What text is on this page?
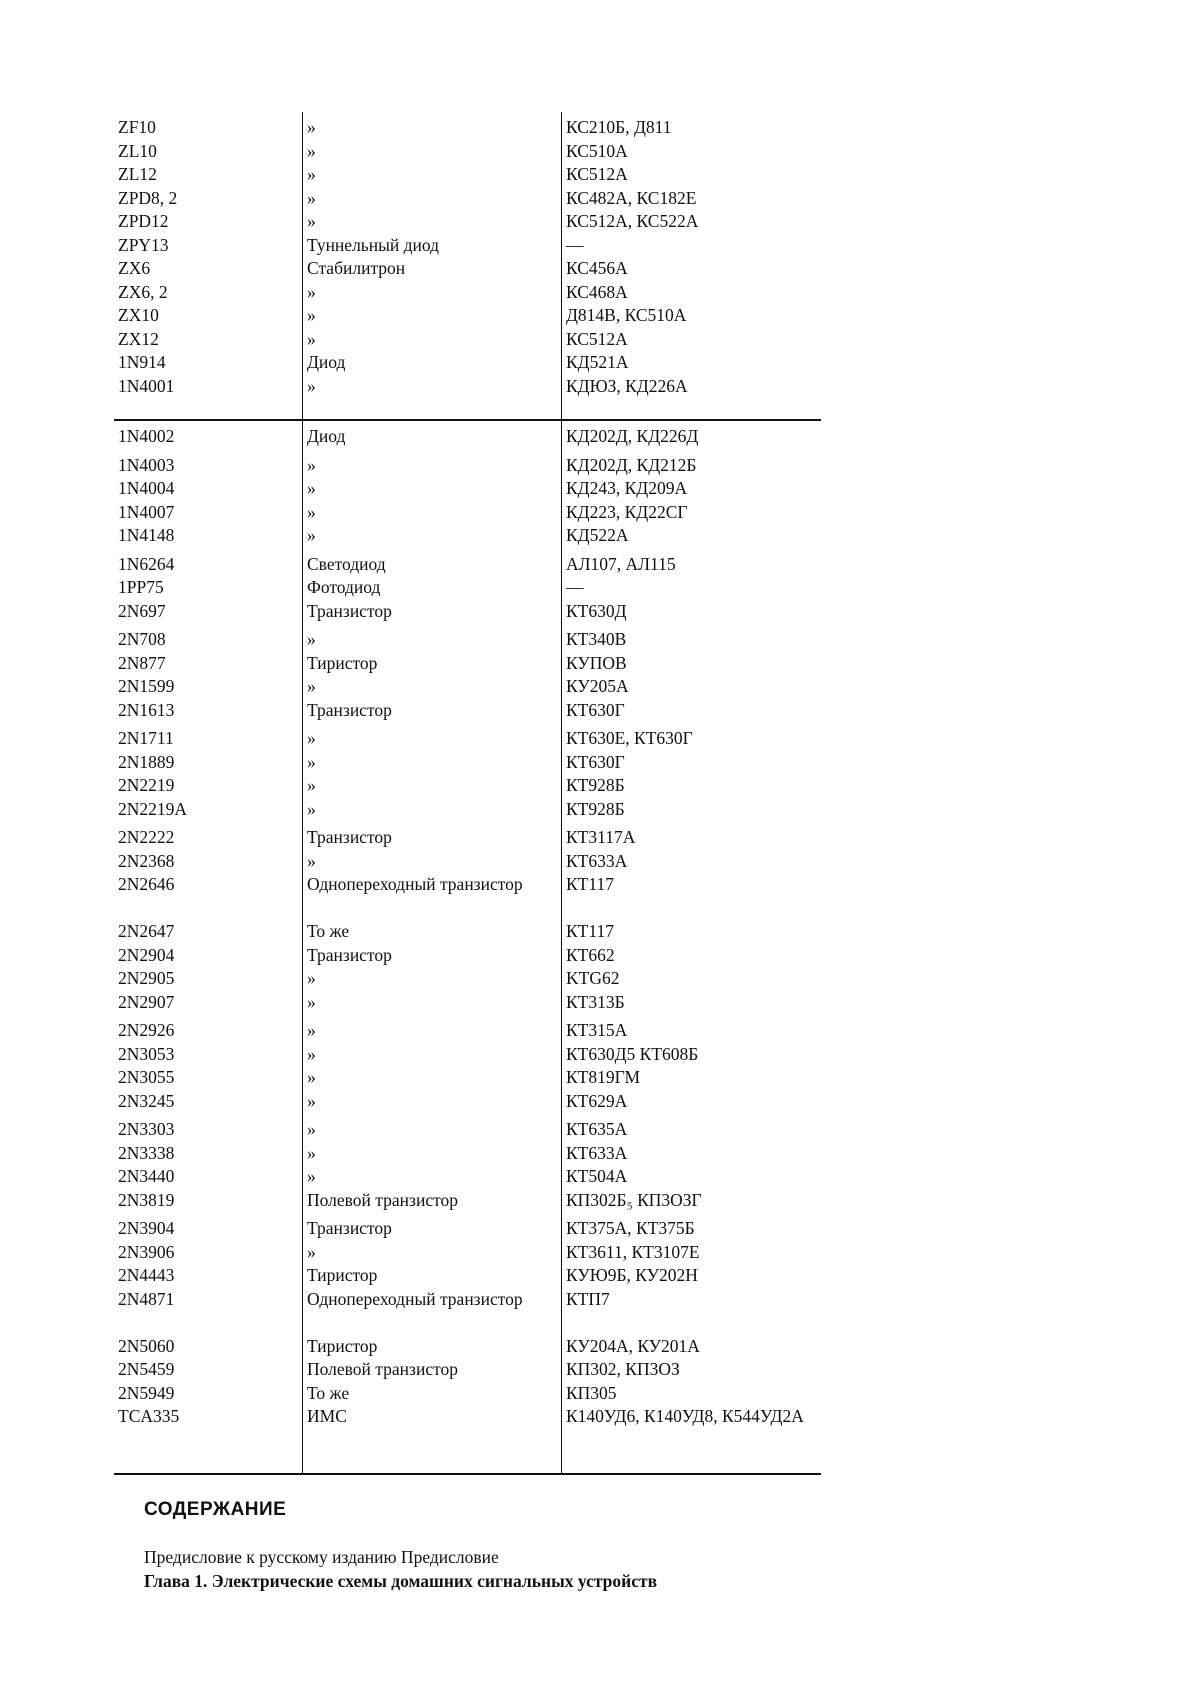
ZF10	»	КС210Б, Д811
ZL10	»	КС510А
ZL12	»	КС512А
ZPD8, 2	»	КС482А, КС182Е
ZPD12	»	КС512А, КС522А
ZPY13	Туннельный диод	—
ZX6	Стабилитрон	КС456А
ZX6, 2	»	КС468А
ZX10	»	Д814В, КС510А
ZX12	»	КС512А
1N914	Диод	КД521А
1N4001	»	КДЮЗ, КД226А
1N4002	Диод	КД202Д, КД226Д
1N4003	»	КД202Д, КД212Б
1N4004	»	КД243, КД209А
1N4007	»	КД223, КД22СГ
1N4148	»	КД522А
1N6264	Светодиод	АЛ107, АЛ115
1PP75	Фотодиод	—
2N697	Транзистор	КТ630Д
2N708	»	КТ340В
2N877	Тиристор	КУПОВ
2N1599	»	КУ205А
2N1613	Транзистор	КТ630Г
2N1711	»	КТ630Е, КТ630Г
2N1889	»	КТ630Г
2N2219	»	КТ928Б
2N2219A	»	КТ928Б
2N2222	Транзистор	КТ3117А
2N2368	»	КТ633А
2N2646	Однопереходный транзистор	КТ117
2N2647	То же	КТ117
2N2904	Транзистор	КТ662
2N2905	»	KTG62
2N2907	»	КТ313Б
2N2926	»	КТ315А
2N3053	»	КТ630Д5 КТ608Б
2N3055	»	КТ819ГМ
2N3245	»	КТ629А
2N3303	»	КТ635А
2N3338	»	КТ633А
2N3440	»	КТ504А
2N3819	Полевой транзистор	КП302Б₅ КП3ОЗГ
2N3904	Транзистор	КТ375А, КТ375Б
2N3906	»	КТ3611, КТ3107Е
2N4443	Тиристор	КУЮ9Б, КУ202Н
2N4871	Однопереходный транзистор	КТП7
2N5060	Тиристор	КУ204А, КУ201А
2N5459	Полевой транзистор	КП302, КП3ОЗ
2N5949	То же	КП305
TCA335	ИМС	К140УД6, К140УД8, К544УД2А
СОДЕРЖАНИЕ
Предисловие к русскому изданию Предисловие
Глава 1. Электрические схемы домашних сигнальных устройств
